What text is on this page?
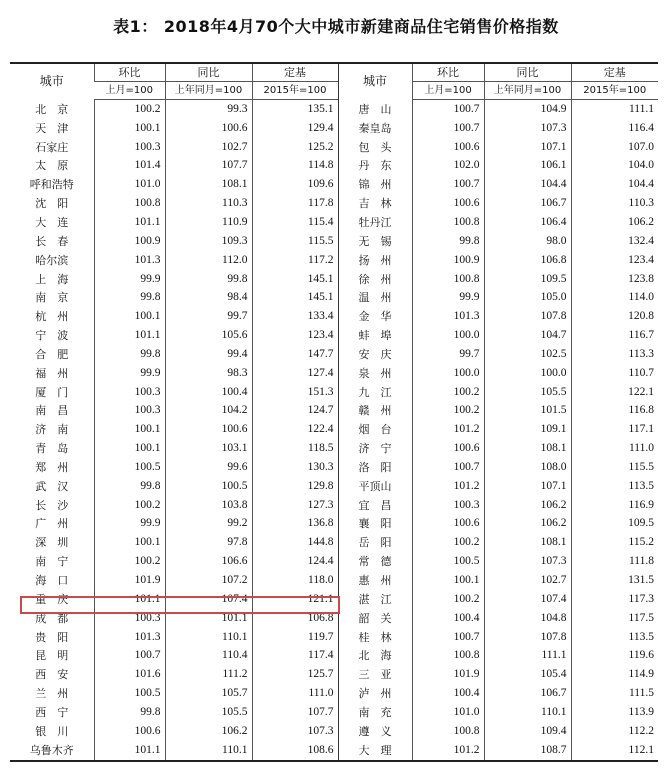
表1： 2018年4月70个大中城市新建商品住宅销售价格指数
城市	环比	同比	定基	城市	环比	同比	定基
	上月=100	上年同月=100	2015年=100		上月=100	上年同月=100	2015年=100
北　京	100.2	99.3	135.1	唐　山	100.7	104.9	111.1
天　津	100.1	100.6	129.4	秦皇岛	100.7	107.3	116.4
石家庄	100.3	102.7	125.2	包　头	100.6	107.1	107.0
太　原	101.4	107.7	114.8	丹　东	102.0	106.1	104.0
呼和浩特	101.0	108.1	109.6	锦　州	100.7	104.4	104.4
沈　阳	100.8	110.3	117.8	吉　林	100.6	106.7	110.3
大　连	101.1	110.9	115.4	牡丹江	100.8	106.4	106.2
长　春	100.9	109.3	115.5	无　锡	99.8	98.0	132.4
哈尔滨	101.3	112.0	117.2	扬　州	100.9	106.8	123.4
上　海	99.9	99.8	145.1	徐　州	100.8	109.5	123.8
南　京	99.8	98.4	145.1	温　州	99.9	105.0	114.0
杭　州	100.1	99.7	133.4	金　华	101.3	107.8	120.8
宁　波	101.1	105.6	123.4	蚌　埠	100.0	104.7	116.7
合　肥	99.8	99.4	147.7	安　庆	99.7	102.5	113.3
福　州	99.9	98.3	127.4	泉　州	100.0	100.0	110.7
厦　门	100.3	100.4	151.3	九　江	100.2	105.5	122.1
南　昌	100.3	104.2	124.7	赣　州	100.2	101.5	116.8
济　南	100.1	100.6	122.4	烟　台	101.2	109.1	117.1
青　岛	100.1	103.1	118.5	济　宁	100.6	108.1	111.0
郑　州	100.5	99.6	130.3	洛　阳	100.7	108.0	115.5
武　汉	99.8	100.5	129.8	平顶山	101.2	107.1	113.5
长　沙	100.2	103.8	127.3	宜　昌	100.3	106.2	116.9
广　州	99.9	99.2	136.8	襄　阳	100.6	106.2	109.5
深　圳	100.1	97.8	144.8	岳　阳	100.2	108.1	115.2
南　宁	100.2	106.6	124.4	常　德	100.5	107.3	111.8
海　口	101.9	107.2	118.0	惠　州	100.1	102.7	131.5
重　庆	101.1	107.4	121.1	湛　江	100.2	107.4	117.3
成　都	100.3	101.1	106.8	韶　关	100.4	104.8	117.5
贵　阳	101.3	110.1	119.7	桂　林	100.7	107.8	113.5
昆　明	100.7	110.4	117.4	北　海	100.8	111.1	119.6
西　安	101.6	111.2	125.7	三　亚	101.9	105.4	114.9
兰　州	100.5	105.7	111.0	泸　州	100.4	106.7	111.5
西　宁	99.8	105.5	107.7	南　充	101.0	110.1	113.9
银　川	100.6	106.2	107.3	遵　义	100.8	109.4	112.2
乌鲁木齐	101.1	110.1	108.6	大　理	101.2	108.7	112.1
